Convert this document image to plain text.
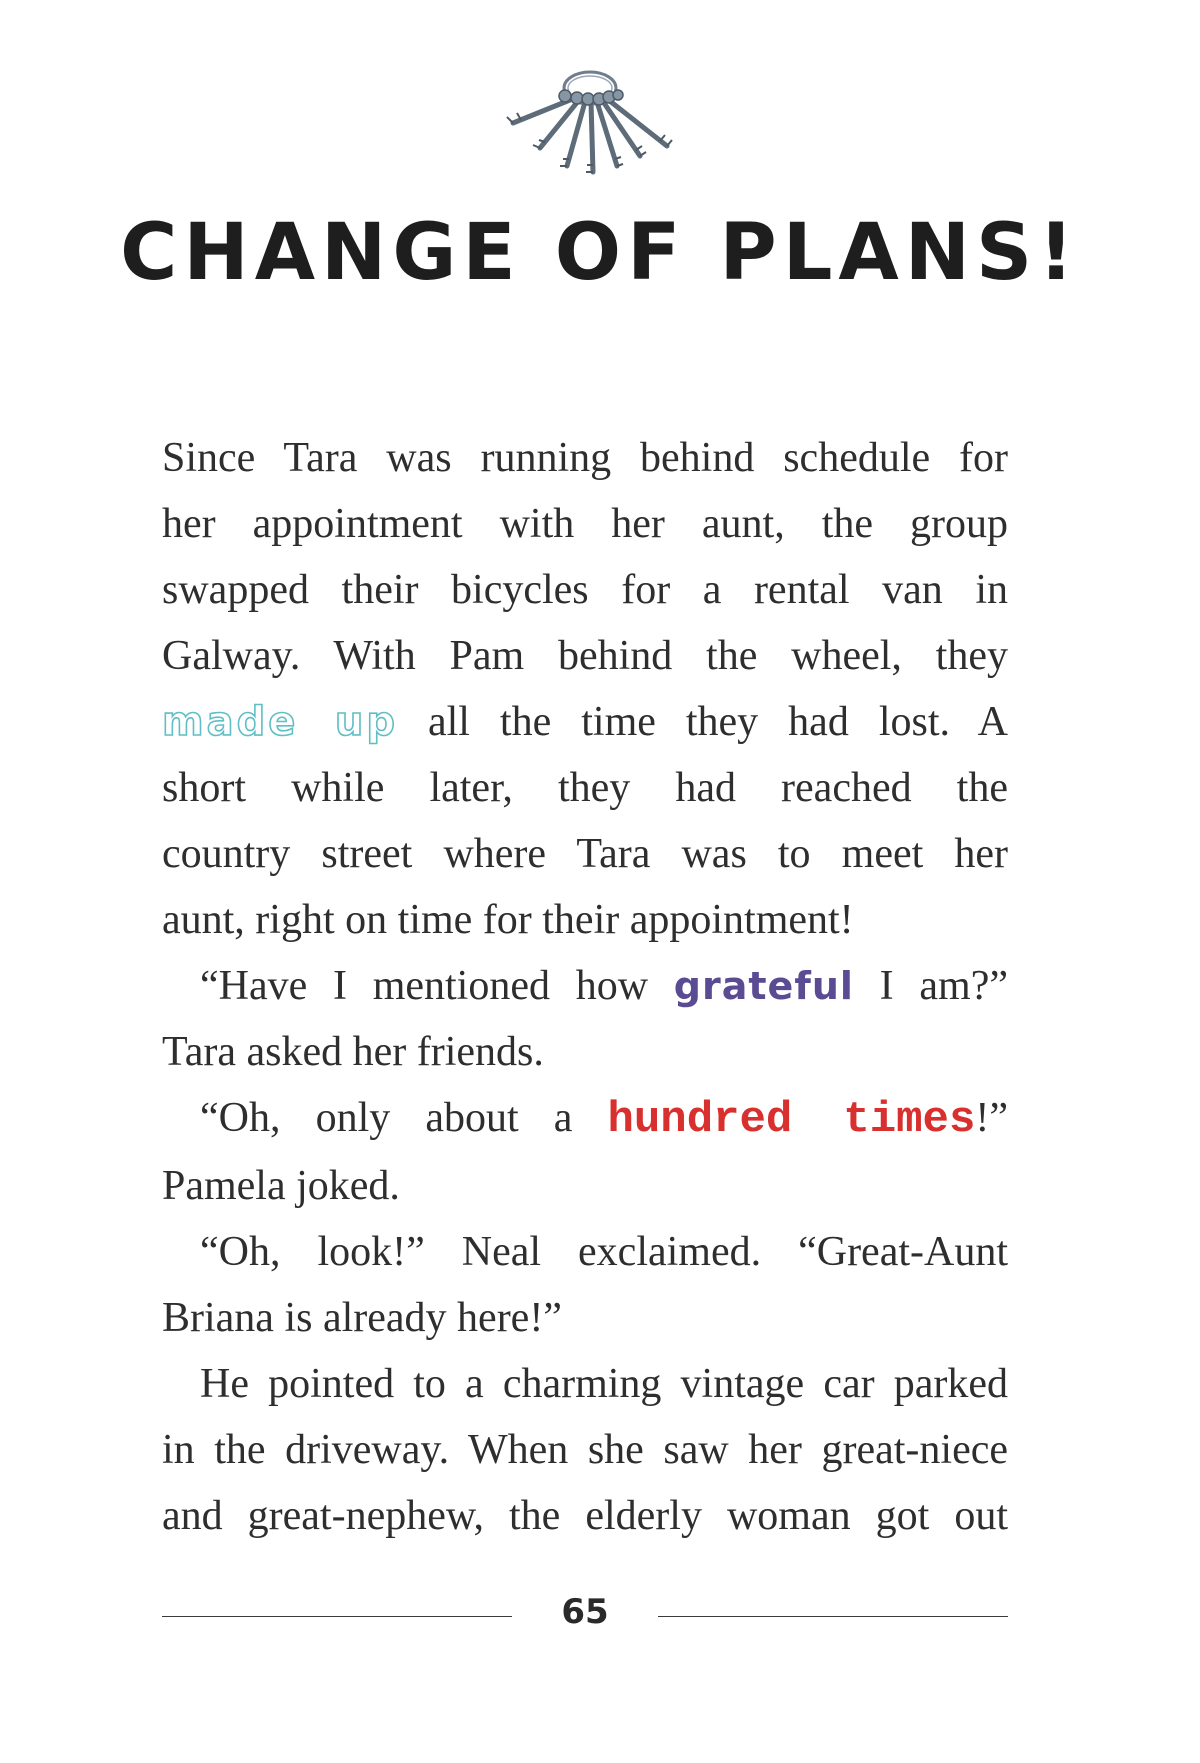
CHANGE OF PLANS!

Since Tara was running behind schedule for

her appointment with her aunt, the group

swapped their bicycles for a rental van in

Galway. With Pam behind the wheel, they

made up all the time they had lost. A

short while later, they had reached the

country street where Tara was to meet her

aunt, right on time for their appointment!

“Have I mentioned how grateful I am?”

Tara asked her friends.

“Oh, only about a hundred times!”

Pamela joked.

“Oh, look!” Neal exclaimed. “Great-Aunt

Briana is already here!”

He pointed to a charming vintage car parked

in the driveway. When she saw her great-niece

and great-nephew, the elderly woman got out

65
